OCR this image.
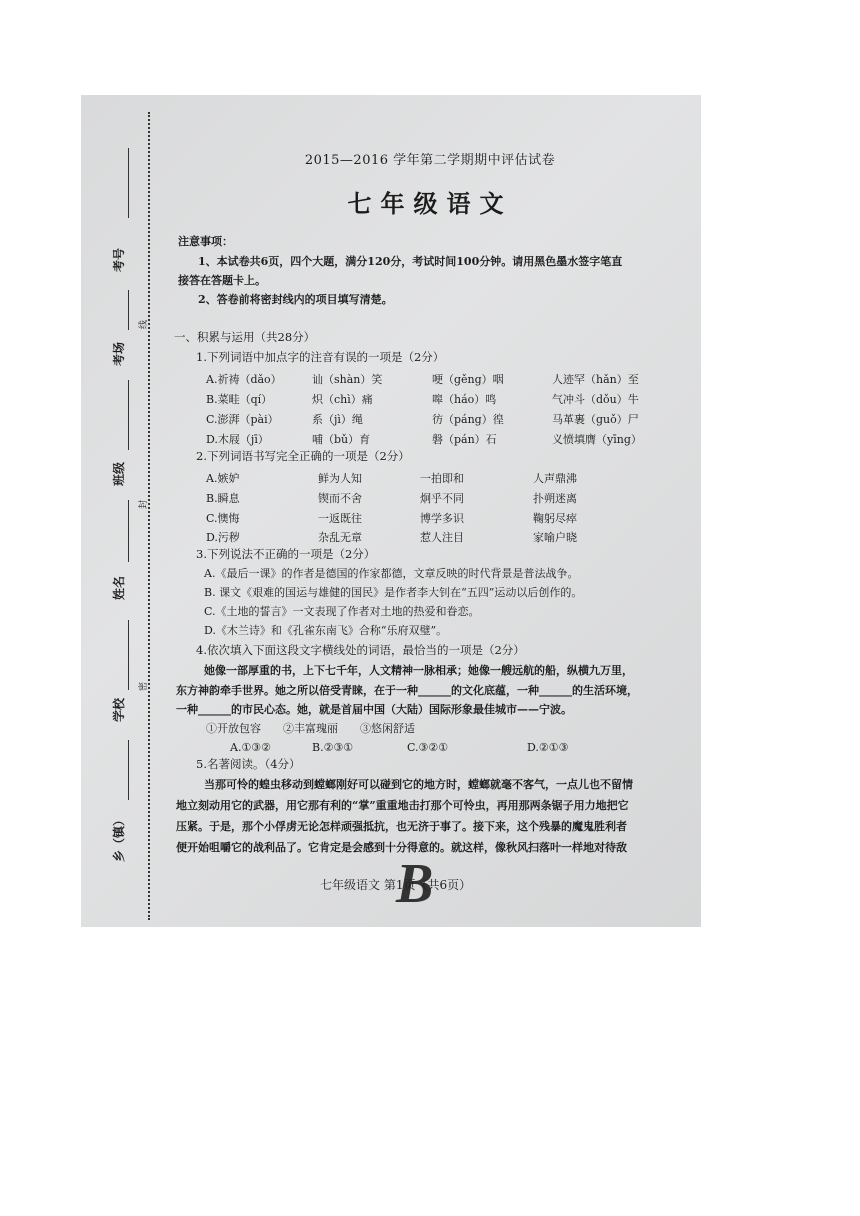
考号
考场
班级
姓名
学校
乡（镇）
线
封
密
2015—2016 学年第二学期期中评估试卷
七年级语文
注意事项：
1、本试卷共6页，四个大题，满分120分，考试时间100分钟。请用黑色墨水签字笔直
接答在答题卡上。
2、答卷前将密封线内的项目填写清楚。
一、积累与运用（共28分）
1.下列词语中加点字的注音有误的一项是（2分）
A.祈祷（dǎo）	讪（shàn）笑	哽（gěng）咽	人迹罕（hǎn）至
B.菜畦（qí）	炽（chì）痛	嗥（háo）鸣	气冲斗（dǒu）牛
C.澎湃（pài）	系（jì）绳	彷（páng）徨	马革裹（guǒ）尸
D.木屐（jī）	哺（bǔ）育	磐（pán）石	义愤填膺（yīng）
2.下列词语书写完全正确的一项是（2分）
A.嫉妒	鲜为人知	一拍即和	人声鼎沸
B.瞬息	锲而不舍	炯乎不同	扑朔迷离
C.懊悔	一返既往	博学多识	鞠躬尽瘁
D.污秽	杂乱无章	惹人注目	家喻户晓
3.下列说法不正确的一项是（2分）
A.《最后一课》的作者是德国的作家都德，文章反映的时代背景是普法战争。
B. 课文《艰难的国运与雄健的国民》是作者李大钊在“五四”运动以后创作的。
C.《土地的誓言》一文表现了作者对土地的热爱和眷恋。
D.《木兰诗》和《孔雀东南飞》合称“乐府双璧”。
4.依次填入下面这段文字横线处的词语，最恰当的一项是（2分）
她像一部厚重的书，上下七千年，人文精神一脉相承；她像一艘远航的船，纵横九万里，
东方神韵牵手世界。她之所以倍受青睐，在于一种______的文化底蕴，一种______的生活环境，
一种______的市民心态。她，就是首届中国（大陆）国际形象最佳城市——宁波。
①开放包容　　②丰富瑰丽　　③悠闲舒适
A.①③②	B.②③①	C.③②①	D.②①③
5.名著阅读。（4分）
当那可怜的蝗虫移动到螳螂刚好可以碰到它的地方时，螳螂就毫不客气，一点儿也不留情
地立刻动用它的武器，用它那有利的“掌”重重地击打那个可怜虫，再用那两条锯子用力地把它
压紧。于是，那个小俘虏无论怎样顽强抵抗，也无济于事了。接下来，这个残暴的魔鬼胜利者
便开始咀嚼它的战利品了。它肯定是会感到十分得意的。就这样，像秋风扫落叶一样地对待敌
B
七年级语文 第1页（共6页）
